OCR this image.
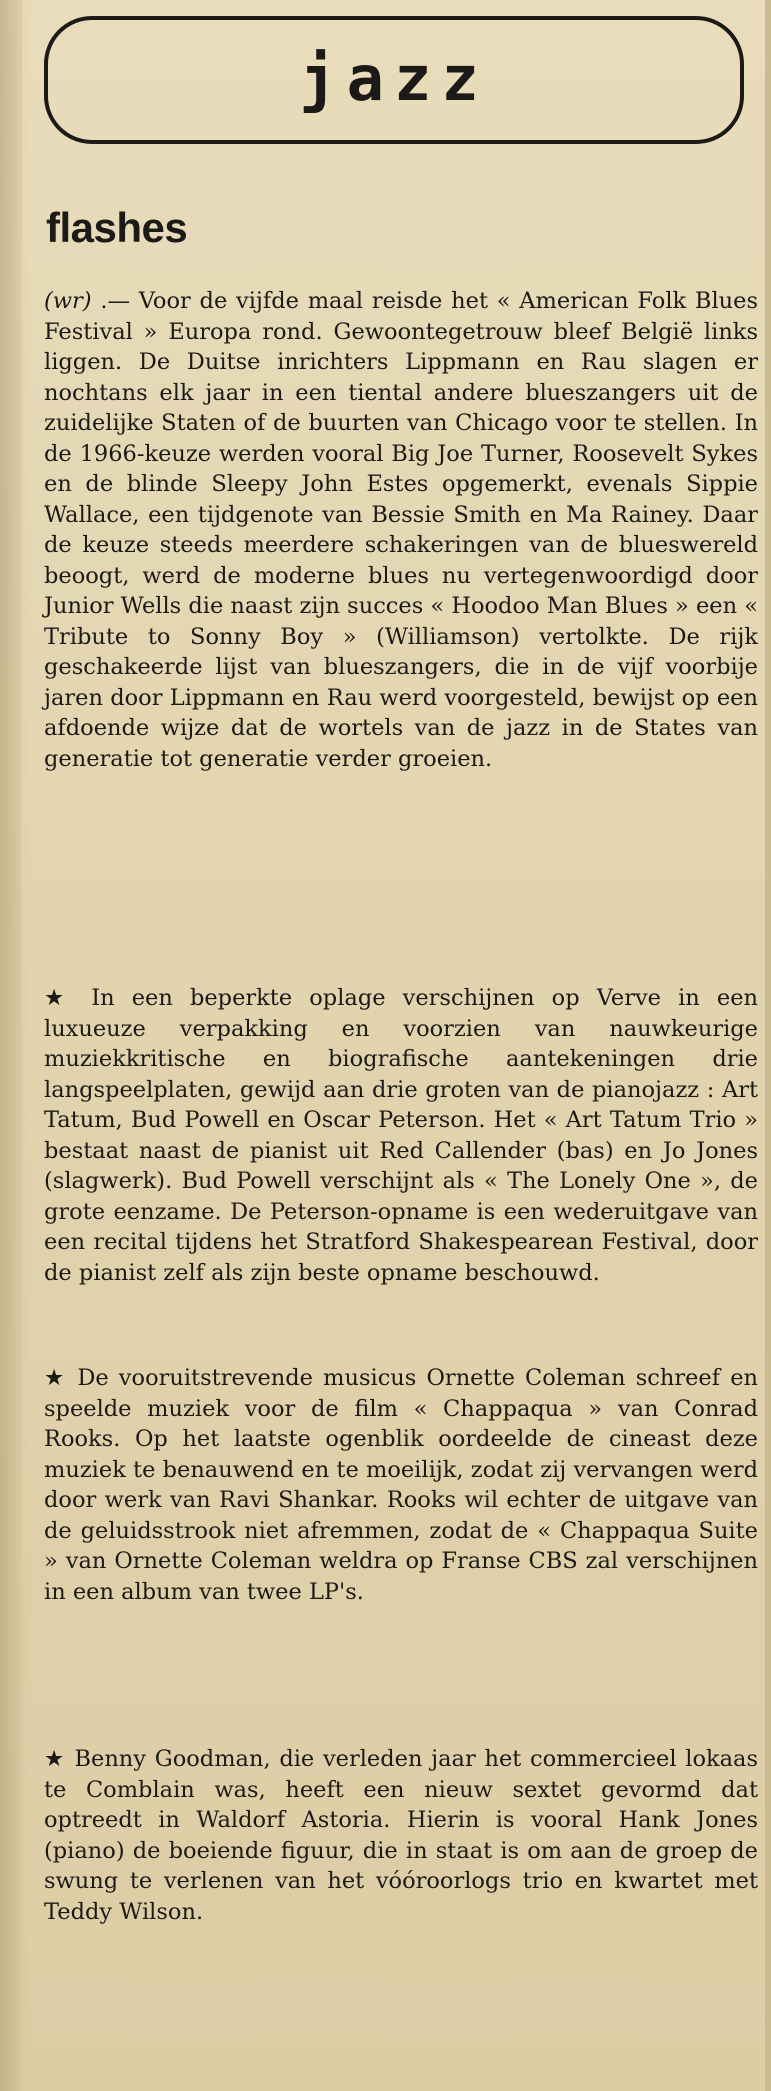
jazz
flashes

(wr) .— Voor de vijfde maal reisde het « American Folk Blues Festival » Europa rond. Gewoontegetrouw bleef België links liggen. De Duitse inrichters Lippmann en Rau slagen er nochtans elk jaar in een tiental andere blueszangers uit de zuidelijke Staten of de buurten van Chicago voor te stellen. In de 1966-keuze werden vooral Big Joe Turner, Roosevelt Sykes en de blinde Sleepy John Estes opgemerkt, evenals Sippie Wallace, een tijdgenote van Bessie Smith en Ma Rainey. Daar de keuze steeds meerdere schakeringen van de blueswereld beoogt, werd de moderne blues nu vertegenwoordigd door Junior Wells die naast zijn succes « Hoodoo Man Blues » een « Tribute to Sonny Boy » (Williamson) vertolkte. De rijk geschakeerde lijst van blueszangers, die in de vijf voorbije jaren door Lippmann en Rau werd voorgesteld, bewijst op een afdoende wijze dat de wortels van de jazz in de States van generatie tot generatie verder groeien.

★ In een beperkte oplage verschijnen op Verve in een luxueuze verpakking en voorzien van nauwkeurige muziekkritische en biografische aantekeningen drie langspeelplaten, gewijd aan drie groten van de pianojazz : Art Tatum, Bud Powell en Oscar Peterson. Het « Art Tatum Trio » bestaat naast de pianist uit Red Callender (bas) en Jo Jones (slagwerk). Bud Powell verschijnt als « The Lonely One », de grote eenzame. De Peterson-opname is een wederuitgave van een recital tijdens het Stratford Shakespearean Festival, door de pianist zelf als zijn beste opname beschouwd.

★ De vooruitstrevende musicus Ornette Coleman schreef en speelde muziek voor de film « Chappaqua » van Conrad Rooks. Op het laatste ogenblik oordeelde de cineast deze muziek te benauwend en te moeilijk, zodat zij vervangen werd door werk van Ravi Shankar. Rooks wil echter de uitgave van de geluidsstrook niet afremmen, zodat de « Chappaqua Suite » van Ornette Coleman weldra op Franse CBS zal verschijnen in een album van twee LP's.

★ Benny Goodman, die verleden jaar het commercieel lokaas te Comblain was, heeft een nieuw sextet gevormd dat optreedt in Waldorf Astoria. Hierin is vooral Hank Jones (piano) de boeiende figuur, die in staat is om aan de groep de swung te verlenen van het vóóroorlogs trio en kwartet met Teddy Wilson.
